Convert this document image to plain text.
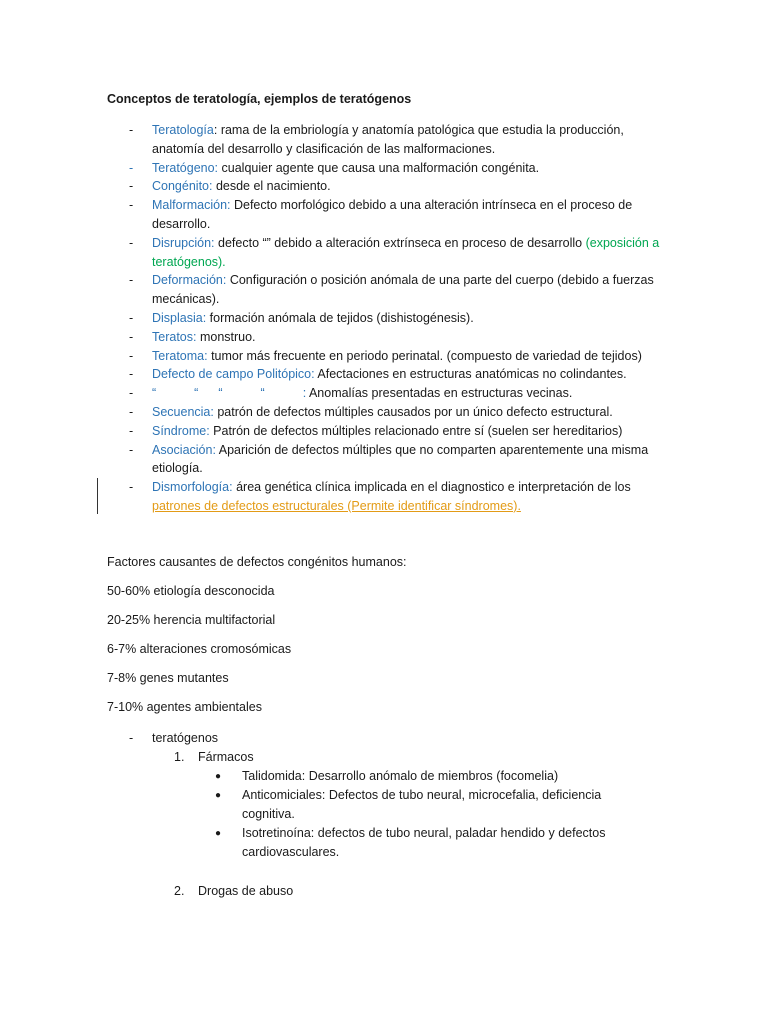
Conceptos de teratología, ejemplos de teratógenos
-	Teratología: rama de la embriología y anatomía patológica que estudia la producción, anatomía del desarrollo y clasificación de las malformaciones.
-	Teratógeno: cualquier agente que causa una malformación congénita.
-	Congénito: desde el nacimiento.
-	Malformación: Defecto morfológico debido a una alteración intrínseca en el proceso de desarrollo.
-	Disrupción: defecto “” debido a alteración extrínseca en proceso de desarrollo (exposición a teratógenos).
-	Deformación: Configuración o posición anómala de una parte del cuerpo (debido a fuerzas mecánicas).
-	Displasia: formación anómala de tejidos (dishistogénesis).
-	Teratos: monstruo.
-	Teratoma: tumor más frecuente en periodo perinatal. (compuesto de variedad de tejidos)
-	Defecto de campo Politópico: Afectaciones en estructuras anatómicas no colindantes.
-	“	“ “	“	: Anomalías presentadas en estructuras vecinas.
-	Secuencia: patrón de defectos múltiples causados por un único defecto estructural.
-	Síndrome: Patrón de defectos múltiples relacionado entre sí (suelen ser hereditarios)
-	Asociación: Aparición de defectos múltiples que no comparten aparentemente una misma etiología.
-	Dismorfología: área genética clínica implicada en el diagnostico e interpretación de los patrones de defectos estructurales (Permite identificar síndromes).

Factores causantes de defectos congénitos humanos:

50-60% etiología desconocida

20-25% herencia multifactorial

6-7% alteraciones cromosómicas

7-8% genes mutantes

7-10% agentes ambientales

-	teratógenos
1.	Fármacos
●	Talidomida: Desarrollo anómalo de miembros (focomelia)
●	Anticomiciales: Defectos de tubo neural, microcefalia, deficiencia cognitiva.
●	Isotretinoína: defectos de tubo neural, paladar hendido y defectos cardiovasculares.
2.	Drogas de abuso
